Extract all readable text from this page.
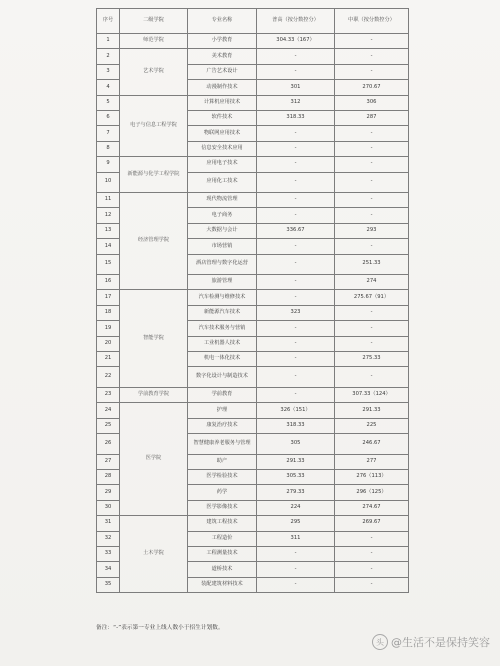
序号	二级学院	专业名称	普高（按分数控分）	中职（按分数控分）
1	师范学院	小学教育	304.33（167）	-
2	艺术学院	美术教育	-	-
3		广告艺术设计	-	-
4		动漫制作技术	301	270.67
5	电子与信息工程学院	计算机应用技术	312	306
6		软件技术	318.33	287
7		物联网应用技术	-	-
8		信息安全技术应用	-	-
9	新能源与化学工程学院	应用电子技术	-	-
10		应用化工技术	-	-
11	经济管理学院	现代物流管理	-	-
12		电子商务	-	-
13		大数据与会计	336.67	293
14		市场营销	-	-
15		酒店管理与数字化运营	-	251.33
16		旅游管理	-	274
17	智能学院	汽车检测与维修技术	-	275.67（91）
18		新能源汽车技术	323	-
19		汽车技术服务与营销	-	-
20		工业机器人技术	-	-
21		机电一体化技术	-	275.33
22		数字化设计与制造技术	-	-
23	学前教育学院	学前教育	-	307.33（124）
24	医学院	护理	326（151）	291.33
25		康复治疗技术	318.33	225
26		智慧健康养老服务与管理	305	246.67
27		助产	291.33	277
28		医学检验技术	305.33	276（113）
29		药学	279.33	296（125）
30		医学影像技术	224	274.67
31	土木学院	建筑工程技术	295	269.67
32		工程造价	311	-
33		工程测量技术	-	-
34		道桥技术	-	-
35		装配建筑材料技术	-	-
备注：“-”表示第一专业上线人数小于招生计划数。
头 @生活不是保持笑容
